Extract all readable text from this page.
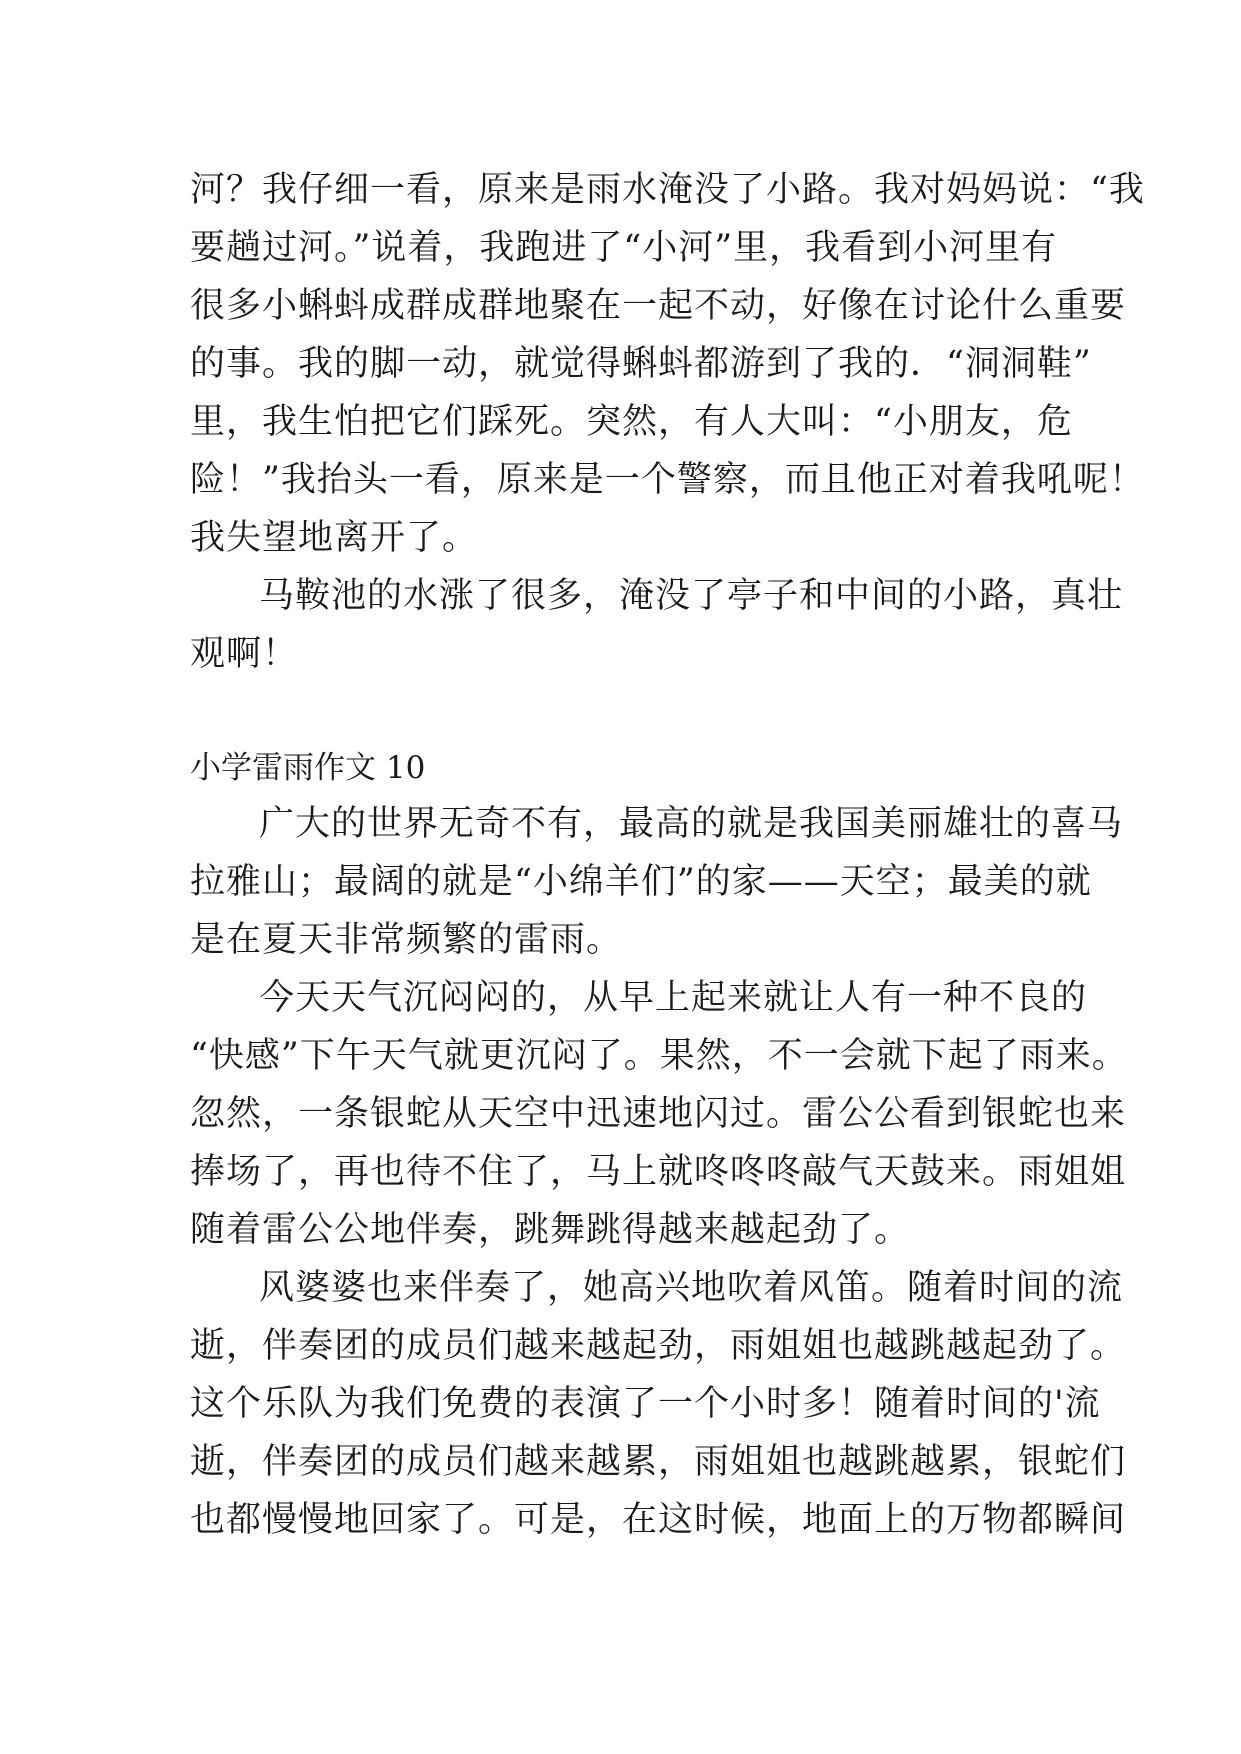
河？我仔细一看，原来是雨水淹没了小路。我对妈妈说：“我
要趟过河。”说着，我跑进了“小河”里，我看到小河里有
很多小蝌蚪成群成群地聚在一起不动，好像在讨论什么重要
的事。我的脚一动，就觉得蝌蚪都游到了我的．“洞洞鞋”
里，我生怕把它们踩死。突然，有人大叫：“小朋友，危
险！”我抬头一看，原来是一个警察，而且他正对着我吼呢！
我失望地离开了。
马鞍池的水涨了很多，淹没了亭子和中间的小路，真壮
观啊！
小学雷雨作文 10
广大的世界无奇不有，最高的就是我国美丽雄壮的喜马
拉雅山；最阔的就是“小绵羊们”的家——天空；最美的就
是在夏天非常频繁的雷雨。
今天天气沉闷闷的，从早上起来就让人有一种不良的
“快感”下午天气就更沉闷了。果然，不一会就下起了雨来。
忽然，一条银蛇从天空中迅速地闪过。雷公公看到银蛇也来
捧场了，再也待不住了，马上就咚咚咚敲气天鼓来。雨姐姐
随着雷公公地伴奏，跳舞跳得越来越起劲了。
风婆婆也来伴奏了，她高兴地吹着风笛。随着时间的流
逝，伴奏团的成员们越来越起劲，雨姐姐也越跳越起劲了。
这个乐队为我们免费的表演了一个小时多！随着时间的'流
逝，伴奏团的成员们越来越累，雨姐姐也越跳越累，银蛇们
也都慢慢地回家了。可是，在这时候，地面上的万物都瞬间
